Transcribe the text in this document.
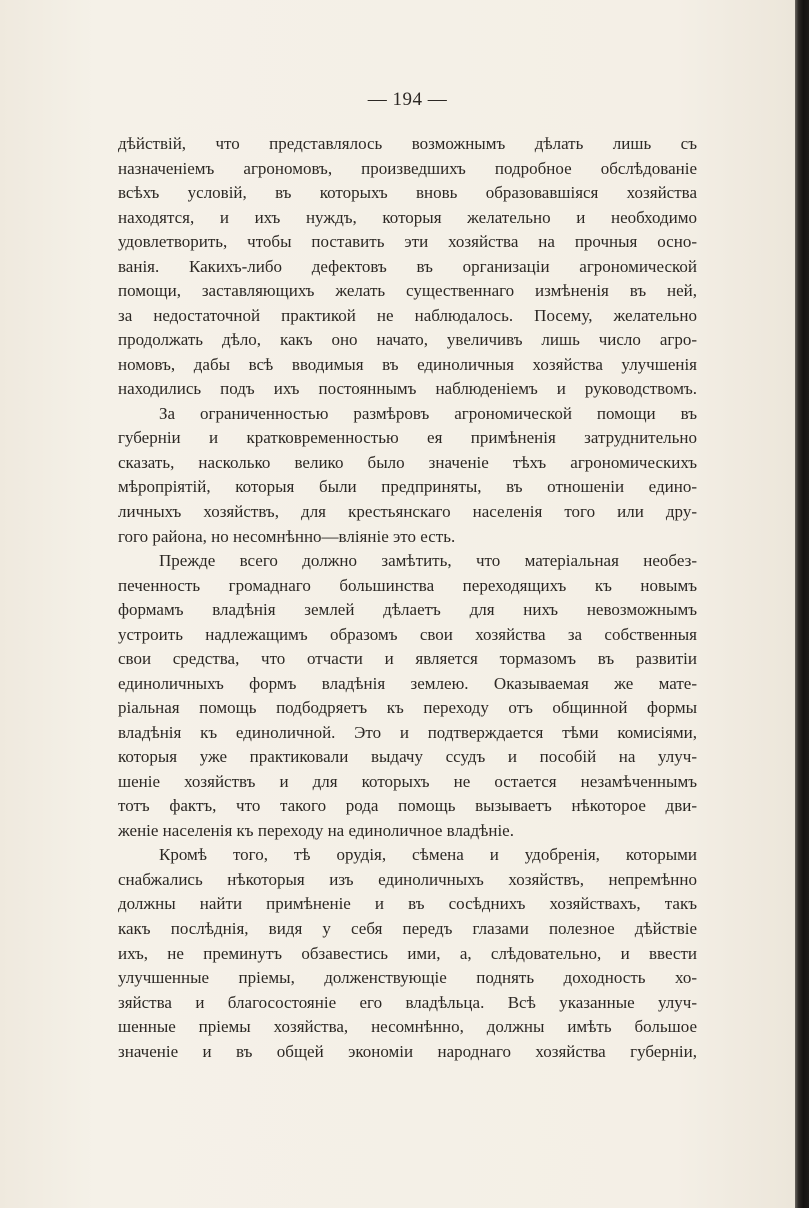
— 194 —
дѣйствій, что представлялось возможнымъ дѣлать лишь съ
назначеніемъ агрономовъ, произведшихъ подробное обслѣдованіе
всѣхъ условій, въ которыхъ вновь образовавшіяся хозяйства
находятся, и ихъ нуждъ, которыя желательно и необходимо
удовлетворить, чтобы поставить эти хозяйства на прочныя осно-
ванія. Какихъ-либо дефектовъ въ организаціи агрономической
помощи, заставляющихъ желать существеннаго измѣненія въ ней,
за недостаточной практикой не наблюдалось. Посему, желательно
продолжать дѣло, какъ оно начато, увеличивъ лишь число агро-
номовъ, дабы всѣ вводимыя въ единоличныя хозяйства улучшенія
находились подъ ихъ постояннымъ наблюденіемъ и руководствомъ.
За ограниченностью размѣровъ агрономической помощи въ
губерніи и кратковременностью ея примѣненія затруднительно
сказать, насколько велико было значеніе тѣхъ агрономическихъ
мѣропріятій, которыя были предприняты, въ отношеніи едино-
личныхъ хозяйствъ, для крестьянскаго населенія того или дру-
гого района, но несомнѣнно—вліяніе это есть.
Прежде всего должно замѣтить, что матеріальная необез-
печенность громаднаго большинства переходящихъ къ новымъ
формамъ владѣнія землей дѣлаетъ для нихъ невозможнымъ
устроить надлежащимъ образомъ свои хозяйства за собственныя
свои средства, что отчасти и является тормазомъ въ развитіи
единоличныхъ формъ владѣнія землею. Оказываемая же мате-
ріальная помощь подбодряетъ къ переходу отъ общинной формы
владѣнія къ единоличной. Это и подтверждается тѣми комисіями,
которыя уже практиковали выдачу ссудъ и пособій на улуч-
шеніе хозяйствъ и для которыхъ не остается незамѣченнымъ
тотъ фактъ, что такого рода помощь вызываетъ нѣкоторое дви-
женіе населенія къ переходу на единоличное владѣніе.
Кромѣ того, тѣ орудія, сѣмена и удобренія, которыми
снабжались нѣкоторыя изъ единоличныхъ хозяйствъ, непремѣнно
должны найти примѣненіе и въ сосѣднихъ хозяйствахъ, такъ
какъ послѣднія, видя у себя передъ глазами полезное дѣйствіе
ихъ, не преминутъ обзавестись ими, а, слѣдовательно, и ввести
улучшенные пріемы, долженствующіе поднять доходность хо-
зяйства и благосостояніе его владѣльца. Всѣ указанные улуч-
шенные пріемы хозяйства, несомнѣнно, должны имѣть большое
значеніе и въ общей экономіи народнаго хозяйства губерніи,
